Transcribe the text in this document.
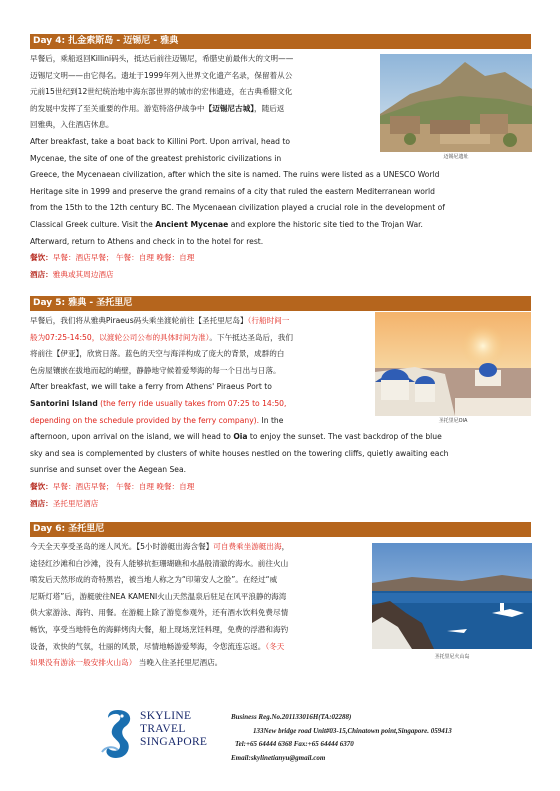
Day 4: 扎金索斯岛 - 迈锡尼 - 雅典
早餐后，乘船返回Killini码头，抵达后前往迈锡尼，希腊史前最伟大的文明——
迈锡尼文明——由它得名。遗址于1999年列入世界文化遗产名录，保留着从公
元前15世纪到12世纪统治地中海东部世界的城市的宏伟遗迹，在古典希腊文化
的发展中发挥了至关重要的作用。游览特洛伊战争中【迈锡尼古城】，随后返
回雅典，入住酒店休息。
After breakfast, take a boat back to Killini Port. Upon arrival, head to
Mycenae, the site of one of the greatest prehistoric civilizations in
Greece, the Mycenaean civilization, after which the site is named. The ruins were listed as a UNESCO World
Heritage site in 1999 and preserve the grand remains of a city that ruled the eastern Mediterranean world
from the 15th to the 12th century BC. The Mycenaean civilization played a crucial role in the development of
Classical Greek culture. Visit the Ancient Mycenae and explore the historic site tied to the Trojan War.
Afterward, return to Athens and check in to the hotel for rest.
餐饮：早餐：酒店早餐； 午餐：自理 晚餐：自理
酒店：雅典或其周边酒店
迈锡尼遗址
Day 5: 雅典 - 圣托里尼
早餐后，我们将从雅典Piraeus码头乘坐渡轮前往【圣托里尼岛】（行船时间一
般为07:25-14:50，以渡轮公司公布的具体时间为准）。下午抵达圣岛后，我们
将前往【伊亚】，欣赏日落。蓝色的天空与海洋构成了庞大的背景，成群的白
色房屋镶嵌在拔地而起的峭壁，静静地守候着爱琴海的每一个日出与日落。
After breakfast, we will take a ferry from Athens' Piraeus Port to
Santorini Island (the ferry ride usually takes from 07:25 to 14:50,
depending on the schedule provided by the ferry company). In the
afternoon, upon arrival on the island, we will head to Oia to enjoy the sunset. The vast backdrop of the blue
sky and sea is complemented by clusters of white houses nestled on the towering cliffs, quietly awaiting each
sunrise and sunset over the Aegean Sea.
餐饮：早餐：酒店早餐； 午餐：自理 晚餐：自理
酒店：圣托里尼酒店
圣托里尼OIA
Day 6: 圣托里尼
今天全天享受圣岛的迷人风光。【5小时游艇出海含餐】可自费乘坐游艇出海，
途径红沙滩和白沙滩，没有人能够抗拒珊瑚礁和水晶般清澈的海水。前往火山
喷发后天然形成的奇特黑岩，被当地人称之为“印第安人之脸”。在经过“威
尼斯灯塔”后，游艇驶往NEA KAMENI火山天然温泉后驻足在风平浪静的海湾
供大家游泳、海钓、用餐。在游艇上除了游览参观外，还有酒水饮料免费尽情
畅饮，享受当地特色的海鲜烤肉大餐，船上现场烹饪料理，免费的浮潜和海钓
设备，欢快的气氛，壮丽的风景，尽情地畅游爱琴海，令您流连忘返。（冬天
如果没有游泳一般安排火山岛） 当晚入住圣托里尼酒店。
圣托里尼火山岛
SKYLINE
TRAVEL
SINGAPORE
Business Reg.No.201133016H(TA:02288)
133New bridge road Unit#03-15,Chinatown point,Singapore. 059413
Tel:+65 64444 6368 Fax:+65 64444 6370
Email:skylinetianyu@gmail.com
